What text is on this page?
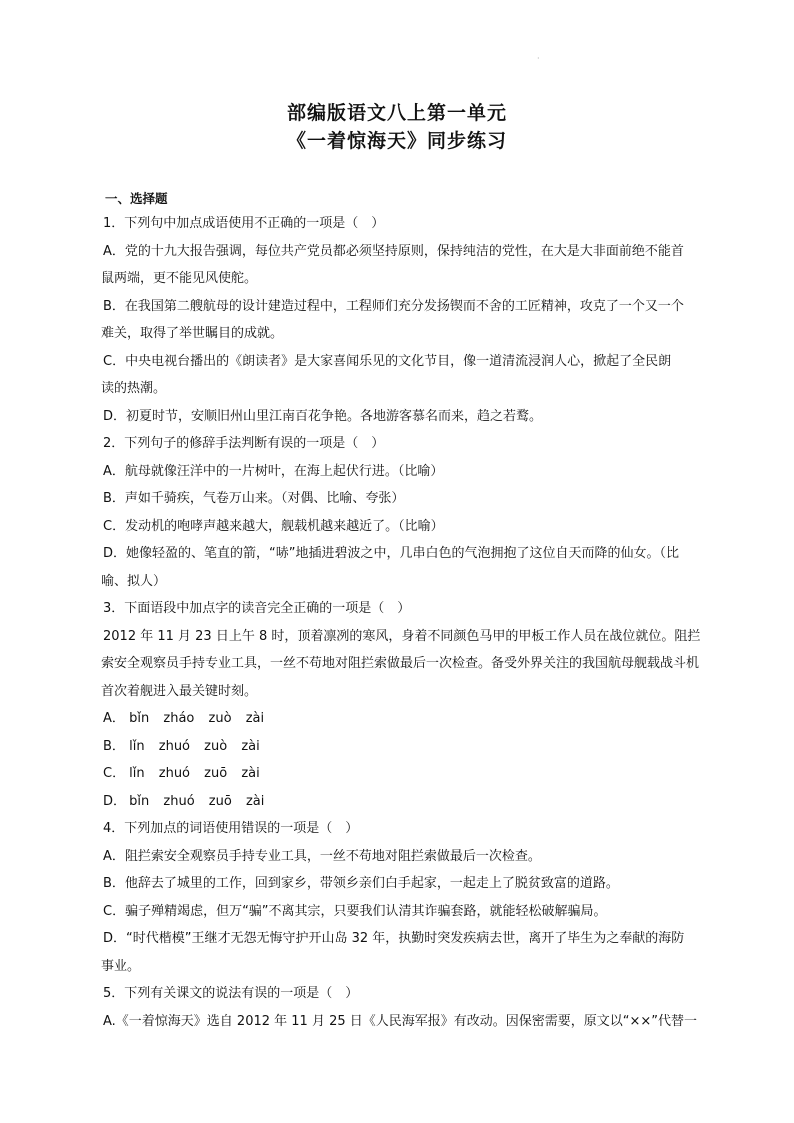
·
部编版语文八上第一单元
《一着惊海天》同步练习
一、选择题
1．下列句中加点成语使用不正确的一项是（　）
A．党的十九大报告强调，每位共产党员都必须坚持原则，保持纯洁的党性，在大是大非面前绝不能首
鼠两端，更不能见风使舵。
B．在我国第二艘航母的设计建造过程中，工程师们充分发扬锲而不舍的工匠精神，攻克了一个又一个
难关，取得了举世瞩目的成就。
C．中央电视台播出的《朗读者》是大家喜闻乐见的文化节目，像一道清流浸润人心，掀起了全民朗
读的热潮。
D．初夏时节，安顺旧州山里江南百花争艳。各地游客慕名而来，趋之若鹜。
2．下列句子的修辞手法判断有误的一项是（　）
A．航母就像汪洋中的一片树叶，在海上起伏行进。（比喻）
B．声如千骑疾，气卷万山来。（对偶、比喻、夸张）
C．发动机的咆哮声越来越大，舰载机越来越近了。（比喻）
D．她像轻盈的、笔直的箭，“哧”地插进碧波之中，几串白色的气泡拥抱了这位自天而降的仙女。（比
喻、拟人）
3．下面语段中加点字的读音完全正确的一项是（　）
2012 年 11 月 23 日上午 8 时，顶着凛冽的寒风，身着不同颜色马甲的甲板工作人员在战位就位。阻拦
索安全观察员手持专业工具，一丝不苟地对阻拦索做最后一次检查。备受外界关注的我国航母舰载战斗机
首次着舰进入最关键时刻。
A． bǐn zháo zuò zài
B． lǐn zhuó zuò zài
C． lǐn zhuó zuō zài
D． bǐn zhuó zuō zài
4．下列加点的词语使用错误的一项是（　）
A．阻拦索安全观察员手持专业工具，一丝不苟地对阻拦索做最后一次检查。
B．他辞去了城里的工作，回到家乡，带领乡亲们白手起家，一起走上了脱贫致富的道路。
C．骗子殚精竭虑，但万“骗”不离其宗，只要我们认清其诈骗套路，就能轻松破解骗局。
D．“时代楷模”王继才无怨无悔守护开山岛 32 年，执勤时突发疾病去世，离开了毕生为之奉献的海防
事业。
5．下列有关课文的说法有误的一项是（　）
A.《一着惊海天》选自 2012 年 11 月 25 日《人民海军报》有改动。因保密需要，原文以“××”代替一
